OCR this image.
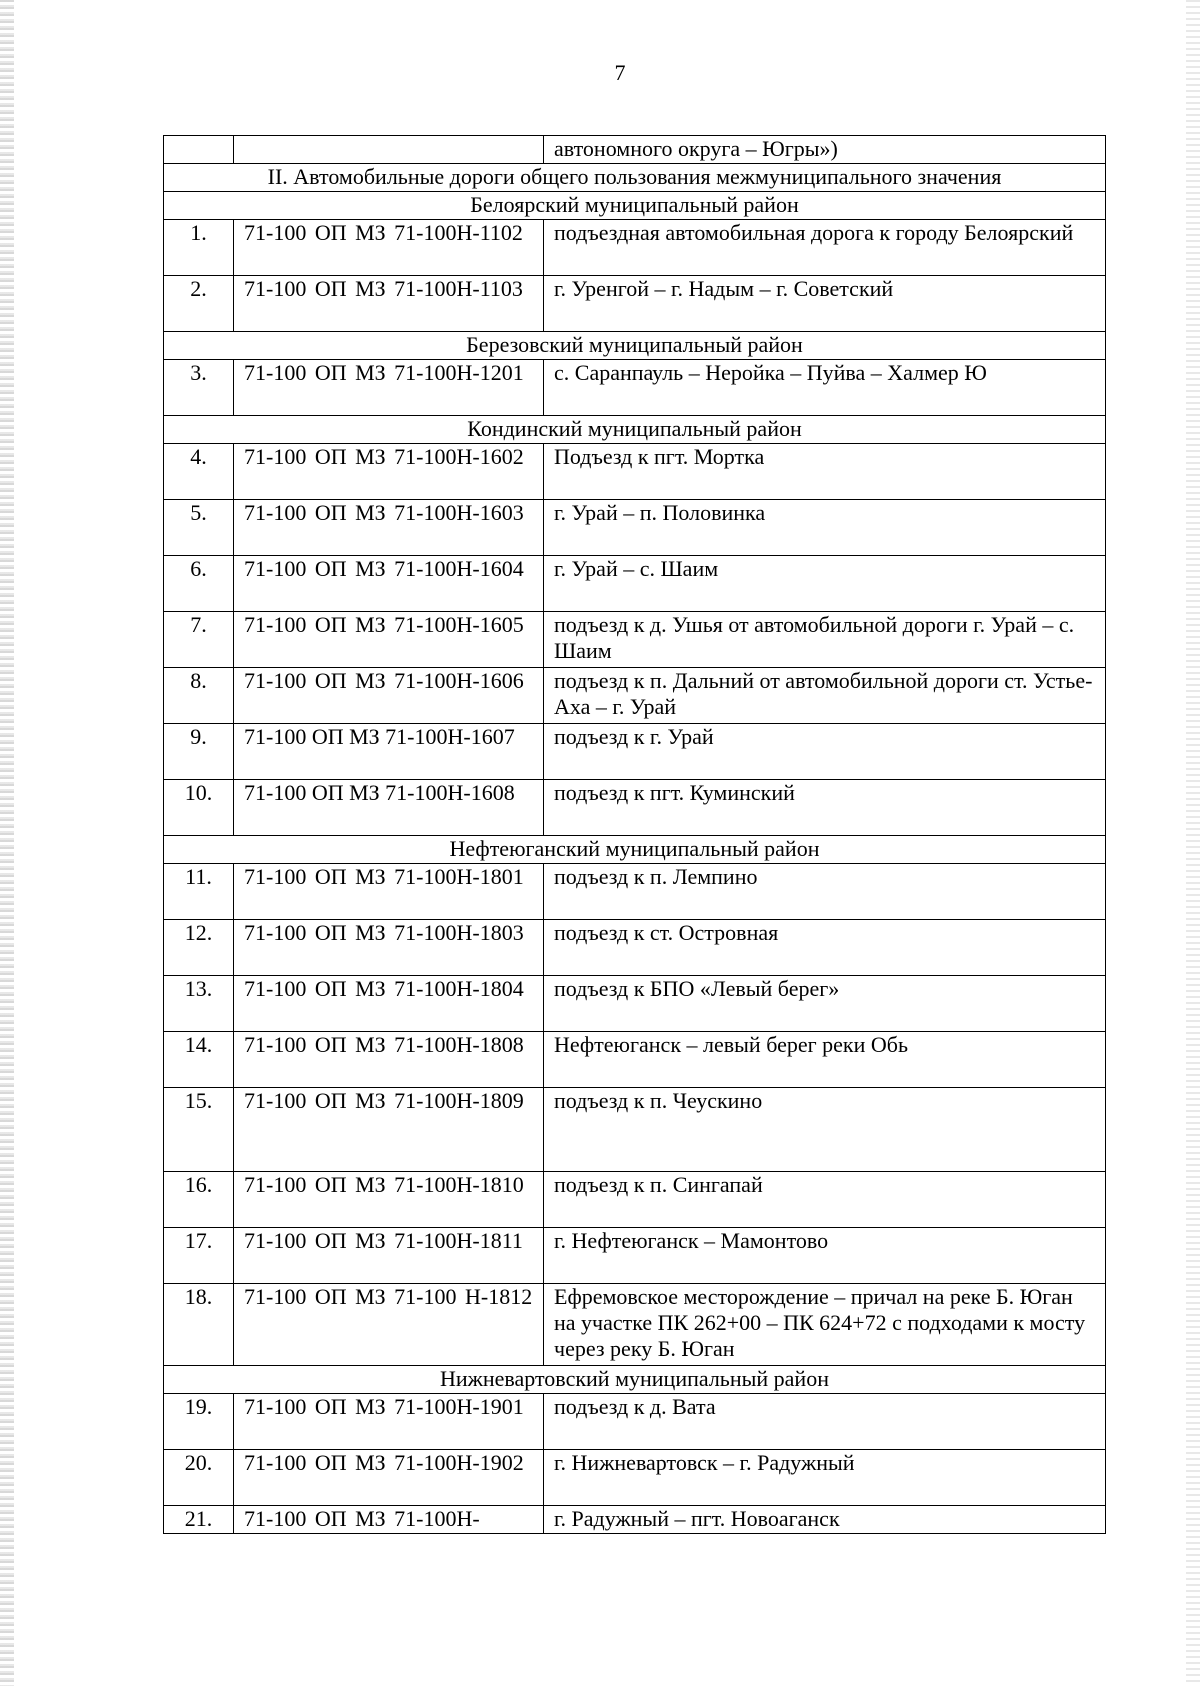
7
		автономного округа – Югры»)
II. Автомобильные дороги общего пользования межмуниципального значения		
Белоярский муниципальный район		
1.	71-100 ОП МЗ 71-100Н-1102	подъездная автомобильная дорога к городу Белоярский
2.	71-100 ОП МЗ 71-100Н-1103	г. Уренгой – г. Надым – г. Советский
Березовский муниципальный район		
3.	71-100 ОП МЗ 71-100Н-1201	с. Саранпауль – Неройка – Пуйва – Халмер Ю
Кондинский муниципальный район		
4.	71-100 ОП МЗ 71-100Н-1602	Подъезд к пгт. Мортка
5.	71-100 ОП МЗ 71-100Н-1603	г. Урай – п. Половинка
6.	71-100 ОП МЗ 71-100Н-1604	г. Урай – с. Шаим
7.	71-100 ОП МЗ 71-100Н-1605	подъезд к д. Ушья от автомобильной дороги г. Урай – с. Шаим
8.	71-100 ОП МЗ 71-100Н-1606	подъезд к п. Дальний от автомобильной дороги ст. Устье-Аха – г. Урай
9.	71-100 ОП МЗ 71-100Н-1607	подъезд к г. Урай
10.	71-100 ОП МЗ 71-100Н-1608	подъезд к пгт. Куминский
Нефтеюганский муниципальный район		
11.	71-100 ОП МЗ 71-100Н-1801	подъезд к п. Лемпино
12.	71-100 ОП МЗ 71-100Н-1803	подъезд к ст. Островная
13.	71-100 ОП МЗ 71-100Н-1804	подъезд к БПО «Левый берег»
14.	71-100 ОП МЗ 71-100Н-1808	Нефтеюганск – левый берег реки Обь
15.	71-100 ОП МЗ 71-100Н-1809	подъезд к п. Чеускино
16.	71-100 ОП МЗ 71-100Н-1810	подъезд к п. Сингапай
17.	71-100 ОП МЗ 71-100Н-1811	г. Нефтеюганск – Мамонтово
18.	71-100 ОП МЗ 71-100 Н-1812	Ефремовское месторождение – причал на реке Б. Юган на участке ПК 262+00 – ПК 624+72 с подходами к мосту через реку Б. Юган
Нижневартовский муниципальный район		
19.	71-100 ОП МЗ 71-100Н-1901	подъезд к д. Вата
20.	71-100 ОП МЗ 71-100Н-1902	г. Нижневартовск – г. Радужный
21.	71-100 ОП МЗ 71-100Н-	г. Радужный – пгт. Новоаганск
